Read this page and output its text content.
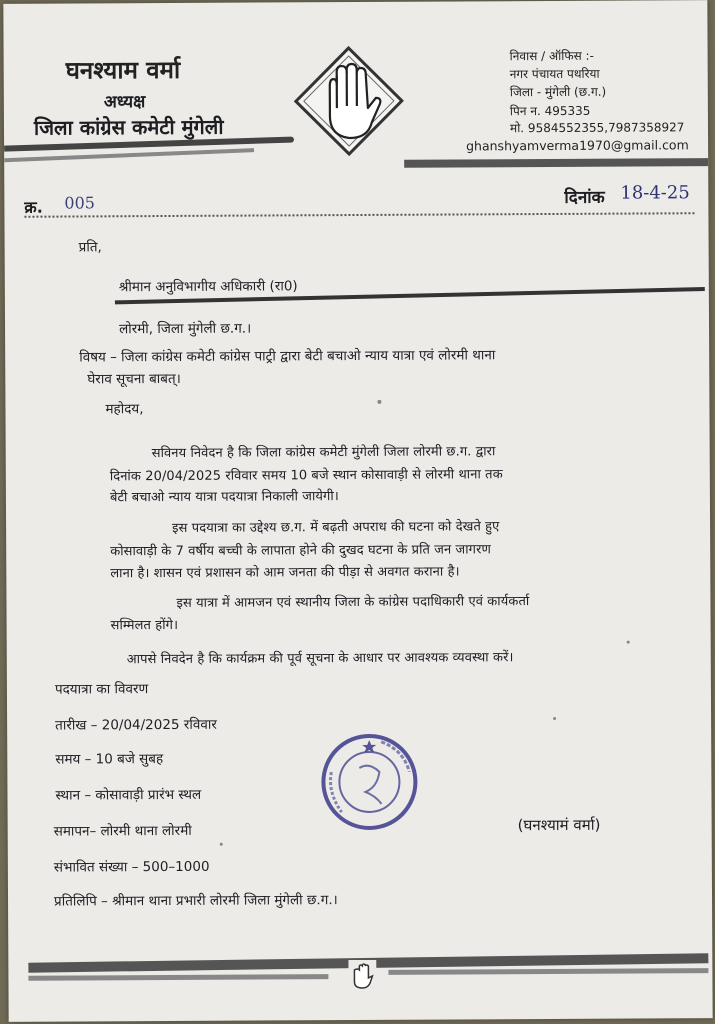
घनश्याम वर्मा
अध्यक्ष
जिला कांग्रेस कमेटी मुंगेली
निवास / ऑफिस :-
नगर पंचायत पथरिया
जिला - मुंगेली (छ.ग.)
पिन न. 495335
मो. 9584552355,7987358927
ghanshyamverma1970@gmail.com
क्र. 005	दिनांक 18-4-25
प्रति,
श्रीमान अनुविभागीय अधिकारी (रा0)
लोरमी, जिला मुंगेली छ.ग.।
विषय – जिला कांग्रेस कमेटी कांग्रेस पाट्री द्वारा बेटी बचाओ न्याय यात्रा एवं लोरमी थाना
घेराव सूचना बाबत्।
महोदय,
सविनय निवेदन है कि जिला कांग्रेस कमेटी मुंगेली जिला लोरमी छ.ग. द्वारा
दिनांक 20/04/2025 रविवार समय 10 बजे स्थान कोसावाड़ी से लोरमी थाना तक
बेटी बचाओ न्याय यात्रा पदयात्रा निकाली जायेगी।
इस पदयात्रा का उद्देश्य छ.ग. में बढ़ती अपराध की घटना को देखते हुए
कोसावाड़ी के 7 वर्षीय बच्ची के लापाता होने की दुखद घटना के प्रति जन जागरण
लाना है। शासन एवं प्रशासन को आम जनता की पीड़ा से अवगत कराना है।
इस यात्रा में आमजन एवं स्थानीय जिला के कांग्रेस पदाधिकारी एवं कार्यकर्ता
सम्मिलत होंगे।
आपसे निवदेन है कि कार्यक्रम की पूर्व सूचना के आधार पर आवश्यक व्यवस्था करें।
पदयात्रा का विवरण
तारीख – 20/04/2025 रविवार
समय – 10 बजे सुबह
स्थान – कोसावाड़ी प्रारंभ स्थल
समापन– लोरमी थाना लोरमी
संभावित संख्या – 500–1000
प्रतिलिपि – श्रीमान थाना प्रभारी लोरमी जिला मुंगेली छ.ग.।
(घनश्यामं वर्मा)
